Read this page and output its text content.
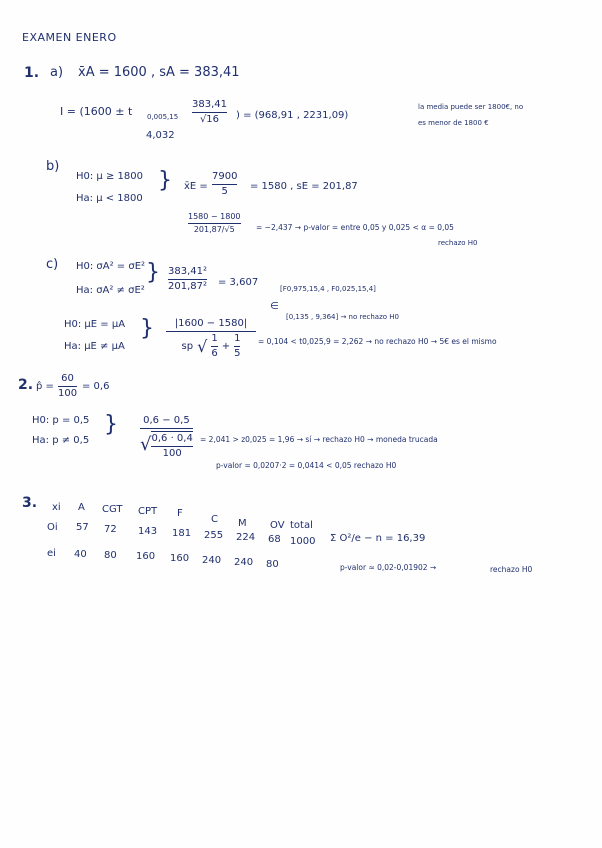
EXAMEN ENERO
1. a) x̄A = 1600 , sA = 383,41
I = (1600 ± t 0,005,15
383,41
√16
4,032
) = (968,91 , 2231,09)
la media puede ser 1800€, no
es menor de 1800 €
b)
H0: μ ≥ 1800
Ha: μ < 1800
} x̄E =
7900
5 = 1580 , sE = 201,87
1580 − 1800
201,87/√5	= −2,437 → p-valor = entre 0,05 y 0,025 < α = 0,05
rechazo H0
c) H0: σA² = σE²
Ha: σA² ≠ σE²
} 383,41²
201,87² = 3,607
[F0,975,15,4 , F0,025,15,4]
∈
[0,135 , 9,364] → no rechazo H0
H0: μE = μA
Ha: μE ≠ μA
} |1600 − 1580|
sp √ $\frac{1}{6} + \frac{1}{5} = 0,104 < t0,025,9 = 2,262$ → no rechazo H0 → 5€ es el mismo
2. p̂ =
60
100
= 0,6
H0: p = 0,5
Ha: p ≠ 0,5
}	0,6 − 0,5
√ $\frac{0,6 \cdot 0,4}{100} = 2,041 > z0,025 = 1,96$ → sí → rechazo H0 → moneda trucada
p-valor = 0,0207·2 = 0,0414 < 0,05 rechazo H0
3. xi A CGT CPT F
C M OV total
Oi 57 72 143 181 255 224 68 1000
ei 40 80 160 160 240 240 80
Σ O²/e − n = 16,39
p-valor ≈ 0,02-0,01902 →	rechazo H0
